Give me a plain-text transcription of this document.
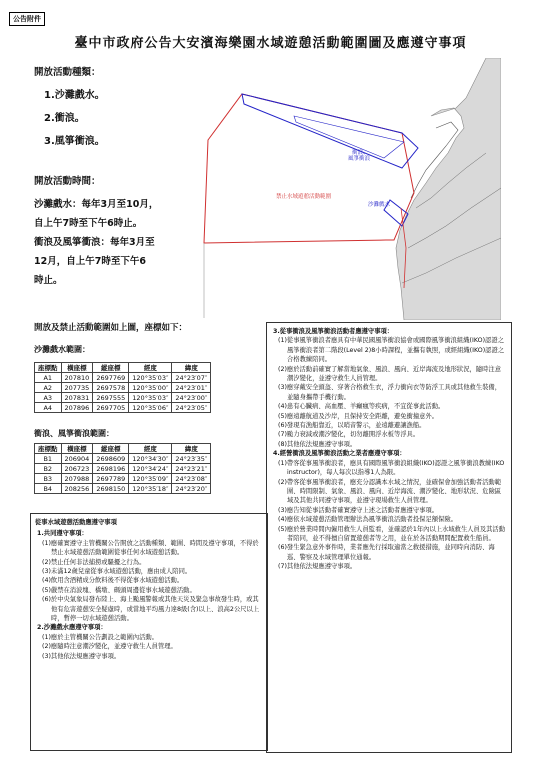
公告附件
臺中市政府公告大安濱海樂園水域遊憩活動範圍圖及應遵守事項
開放活動種類：
1.沙灘戲水。
2.衝浪。
3.風箏衝浪。
開放活動時間：
沙灘戲水：每年3月至10月，
自上午7時至下午6時止。
衝浪及風箏衝浪：每年3月至
12月，自上午7時至下午6
時止。
衝浪、 風箏衝浪
禁止水域遊憩活動範圍
沙灘戲水
開放及禁止活動範圍如上圖，座標如下：
沙灘戲水範圍：
座標點	橫座標	縱座標	經度	緯度
A1	207810	2697769	120°35′03″	24°23′07″
A2	207735	2697578	120°35′00″	24°23′01″
A3	207831	2697555	120°35′03″	24°23′00″
A4	207896	2697705	120°35′06″	24°23′05″
衝浪、風箏衝浪範圍：
座標點	橫座標	縱座標	經度	緯度
B1	206904	2698609	120°34′30″	24°23′35″
B2	206723	2698196	120°34′24″	24°23′21″
B3	207988	2697789	120°35′09″	24°23′08″
B4	208256	2698150	120°35′18″	24°23′20″
從事水域遊憩活動應遵守事項
1.共同遵守事項：
(1)應確實遵守主管機關公告開放之活動種類、範圍、時間及遵守事項，不得於禁止水域遊憩活動範圍從事任何水域遊憩活動。
(2)禁止任何非法捕撈或騷擾之行為。
(3)未滿12歲兒童從事水域遊憩活動，應由成人陪同。
(4)飲用含酒精成分飲料後不得從事水域遊憩活動。
(5)嚴禁在消波塊、橋墩、碼頭周邊從事水域遊憩活動。
(6)於中央氣象局發布陸上、海上颱風警報或其他天災及緊急事故發生時，或其他有危害遊憩安全疑慮時，或當地平均風力達8級(含)以上、浪高2公尺以上時，暫停一切水域遊憩活動。
2.沙灘戲水應遵守事項：
(1)應於主管機關公告劃設之範圍內活動。
(2)應隨時注意潮汐變化，並遵守救生人員管理。
(3)其他依法規應遵守事項。
3.從事衝浪及風箏衝浪活動者應遵守事項：
(1)從事風箏衝浪者應具有中華民國風箏衝浪協會或國際風箏衝浪組織(IKO)認證之風箏衝浪者第二階段(Level 2)8小時課程，並攜有執照，或經組織(IKO)認證之合格教練陪同。
(2)應於活動前確實了解當地氣象、風浪、風向、近岸海流及地形狀況，隨時注意潮汐變化，並遵守救生人員管理。
(3)應穿戴安全頭盔、穿著合格救生衣，浮力衝向衣等防浮工具或其他救生裝備，並隨身攜帶手機行動。
(4)患有心臟病、高血壓、羊癲瘋等疾病，不宜從事此活動。
(5)應遠離航道及沙岸，且保持安全距離，避免衝撞意外。
(6)發現有漁船靠近，以哨音警示，並遠離避讓漁船。
(7)颱力衰減或潮汐變化，切勿離開浮水板等浮具。
(8)其他依法規應遵守事項。
4.經營衝浪及風箏衝浪活動之業者應遵守事項：
(1)帶客從事風箏衝浪者，應具有國際風箏衝浪組織(IKO)認證之風箏衝浪教練(IKO instructor)，每人每次以指導1人為限。
(2)帶客從事風箏衝浪者，應充分認識本水域之情況，並確保會加強活動者活動範圍、時間限制、氣象、風浪、風向、近岸海流、潮汐變化、地形狀況、危險區域及其他共同遵守事項，並遵守現場救生人員管理。
(3)應告知從事活動者確實遵守上述之活動者應遵守事項。
(4)應依水域遊憩活動管理辦法為風箏衝浪活動者投保足額保險。
(5)應於營業時間內僱用救生人員監看，並確認於1年內以上水域救生人員及其活動者陪同，並不得擅自留置遊憩者等之用，並在於各活動期間配置救生船員。
(6)發生緊急意外事件時，業者應先行採取適當之救援措施，並同時向消防、海巡、警察及水域管理單位通報。
(7)其他依法規應遵守事項。
